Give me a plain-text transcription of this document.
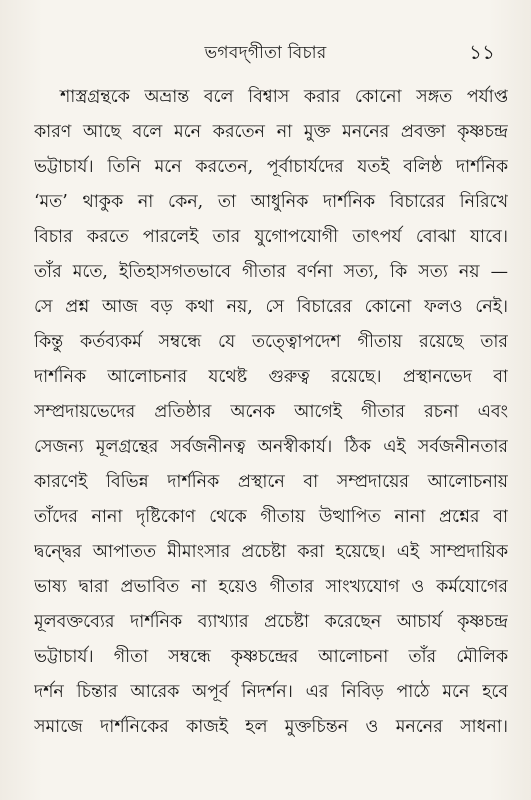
ভগবদ্‌গীতা বিচার	১১
শাস্ত্রগ্রন্থকে অভ্রান্ত বলে বিশ্বাস করার কোনো সঙ্গত পর্যাপ্ত
কারণ আছে বলে মনে করতেন না মুক্ত মননের প্রবক্তা কৃষ্ণচন্দ্র
ভট্টাচার্য। তিনি মনে করতেন, পূর্বাচার্যদের যতই বলিষ্ঠ দার্শনিক
‘মত’ থাকুক না কেন, তা আধুনিক দার্শনিক বিচারের নিরিখে
বিচার করতে পারলেই তার যুগোপযোগী তাৎপর্য বোঝা যাবে।
তাঁর মতে, ইতিহাসগতভাবে গীতার বর্ণনা সত্য, কি সত্য নয় —
সে প্রশ্ন আজ বড় কথা নয়, সে বিচারের কোনো ফলও নেই।
কিন্তু কর্তব্যকর্ম সম্বন্ধে যে তত্ত্বোপদেশ গীতায় রয়েছে তার
দার্শনিক আলোচনার যথেষ্ট গুরুত্ব রয়েছে। প্রস্থানভেদ বা
সম্প্রদায়ভেদের প্রতিষ্ঠার অনেক আগেই গীতার রচনা এবং
সেজন্য মূলগ্রন্থের সর্বজনীনত্ব অনস্বীকার্য। ঠিক এই সর্বজনীনতার
কারণেই বিভিন্ন দার্শনিক প্রস্থানে বা সম্প্রদায়ের আলোচনায়
তাঁদের নানা দৃষ্টিকোণ থেকে গীতায় উত্থাপিত নানা প্রশ্নের বা
দ্বন্দ্বের আপাতত মীমাংসার প্রচেষ্টা করা হয়েছে। এই সাম্প্রদায়িক
ভাষ্য দ্বারা প্রভাবিত না হয়েও গীতার সাংখ্যযোগ ও কর্মযোগের
মূলবক্তব্যের দার্শনিক ব্যাখ্যার প্রচেষ্টা করেছেন আচার্য কৃষ্ণচন্দ্র
ভট্টাচার্য। গীতা সম্বন্ধে কৃষ্ণচন্দ্রের আলোচনা তাঁর মৌলিক
দর্শন চিন্তার আরেক অপূর্ব নিদর্শন। এর নিবিড় পাঠে মনে হবে
সমাজে দার্শনিকের কাজই হল মুক্তচিন্তন ও মননের সাধনা।
